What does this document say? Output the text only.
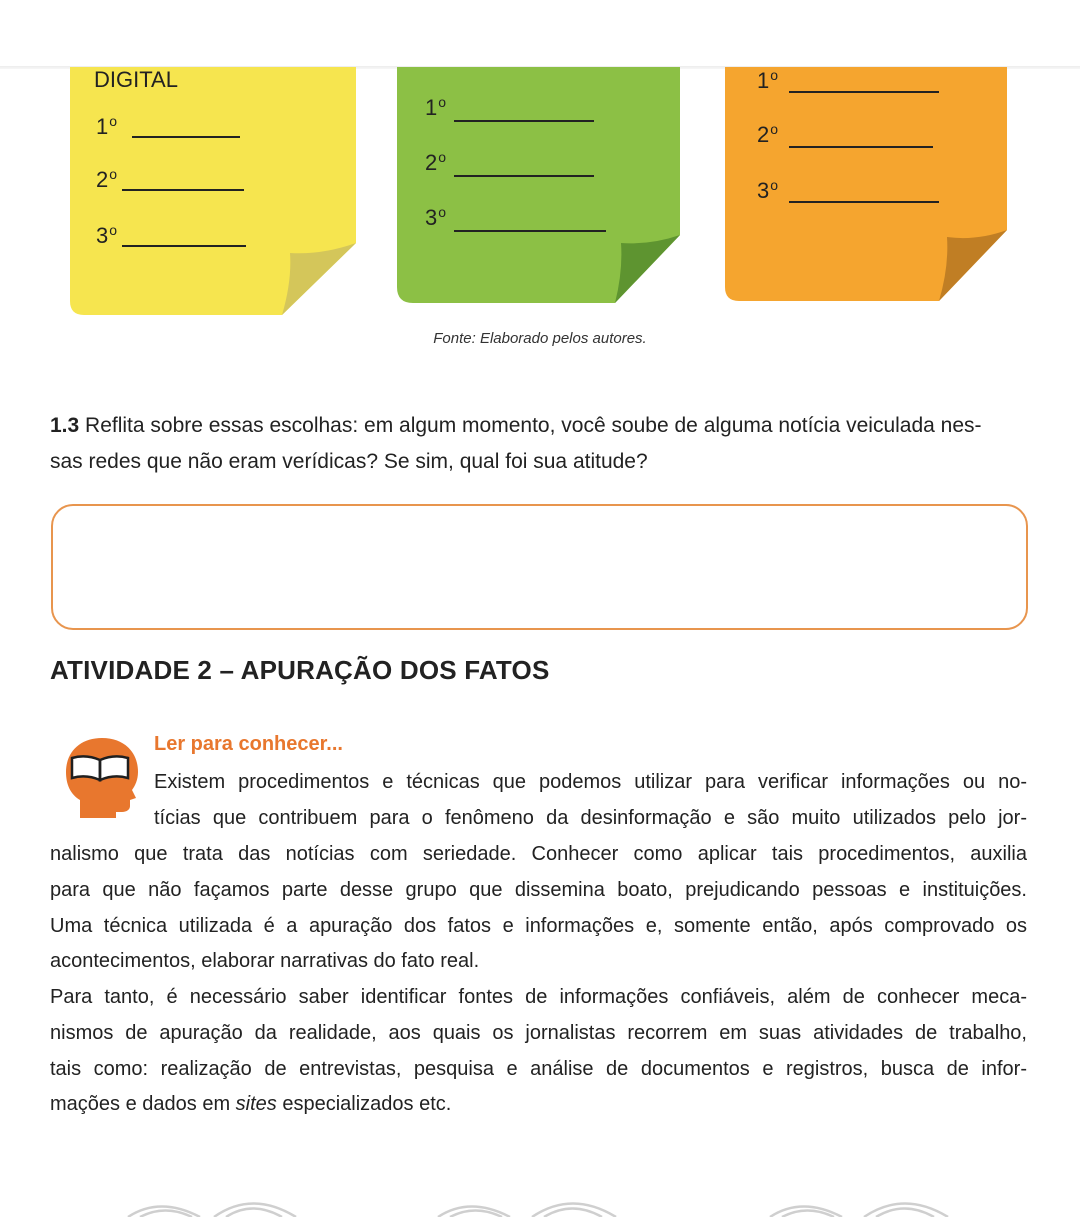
DIGITAL
1$^o$
2$^o$
3$^o$
1$^o$
2$^o$
3$^o$
1$^o$
2$^o$
3$^o$
Fonte: Elaborado pelos autores.
1.3 Reflita sobre essas escolhas: em algum momento, você soube de alguma notícia veiculada nes-
sas redes que não eram verídicas? Se sim, qual foi sua atitude?
ATIVIDADE 2 – APURAÇÃO DOS FATOS
Ler para conhecer...
Existem procedimentos e técnicas que podemos utilizar para verificar informações ou no-
tícias que contribuem para o fenômeno da desinformação e são muito utilizados pelo jor-
nalismo que trata das notícias com seriedade. Conhecer como aplicar tais procedimentos, auxilia
para que não façamos parte desse grupo que dissemina boato, prejudicando pessoas e instituições.
Uma técnica utilizada é a apuração dos fatos e informações e, somente então, após comprovado os
acontecimentos, elaborar narrativas do fato real.
Para tanto, é necessário saber identificar fontes de informações confiáveis, além de conhecer meca-
nismos de apuração da realidade, aos quais os jornalistas recorrem em suas atividades de trabalho,
tais como: realização de entrevistas, pesquisa e análise de documentos e registros, busca de infor-
mações e dados em sites especializados etc.
